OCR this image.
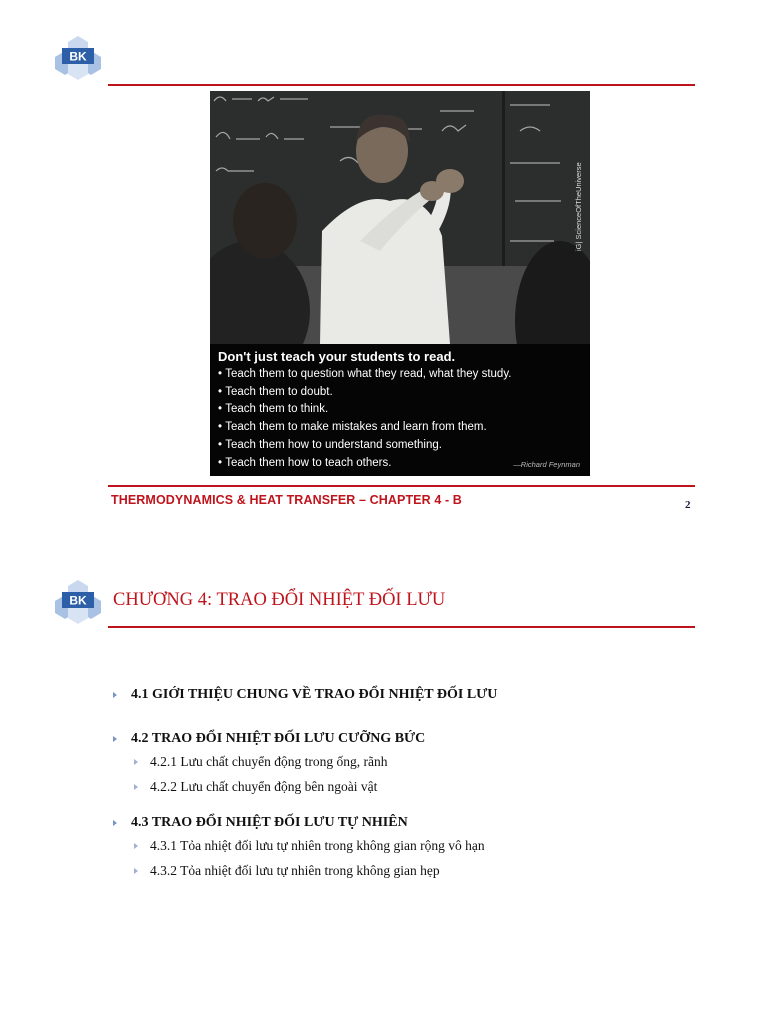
BK
iG| ScienceOfTheUniverse

Don't just teach your students to read.

• Teach them to question what they read, what they study.
• Teach them to doubt.
• Teach them to think.
• Teach them to make mistakes and learn from them.
• Teach them how to understand something.
• Teach them how to teach others.	—Richard Feynman
THERMODYNAMICS & HEAT TRANSFER – CHAPTER 4 - B	2
BK CHƯƠNG 4: TRAO ĐỔI NHIỆT ĐỐI LƯU
4.1 GIỚI THIỆU CHUNG VỀ TRAO ĐỔI NHIỆT ĐỐI LƯU
4.2 TRAO ĐỔI NHIỆT ĐỐI LƯU CƯỠNG BỨC
4.2.1 Lưu chất chuyển động trong ống, rãnh
4.2.2 Lưu chất chuyển động bên ngoài vật
4.3 TRAO ĐỔI NHIỆT ĐỐI LƯU TỰ NHIÊN
4.3.1 Tỏa nhiệt đối lưu tự nhiên trong không gian rộng vô hạn
4.3.2 Tỏa nhiệt đối lưu tự nhiên trong không gian hẹp
